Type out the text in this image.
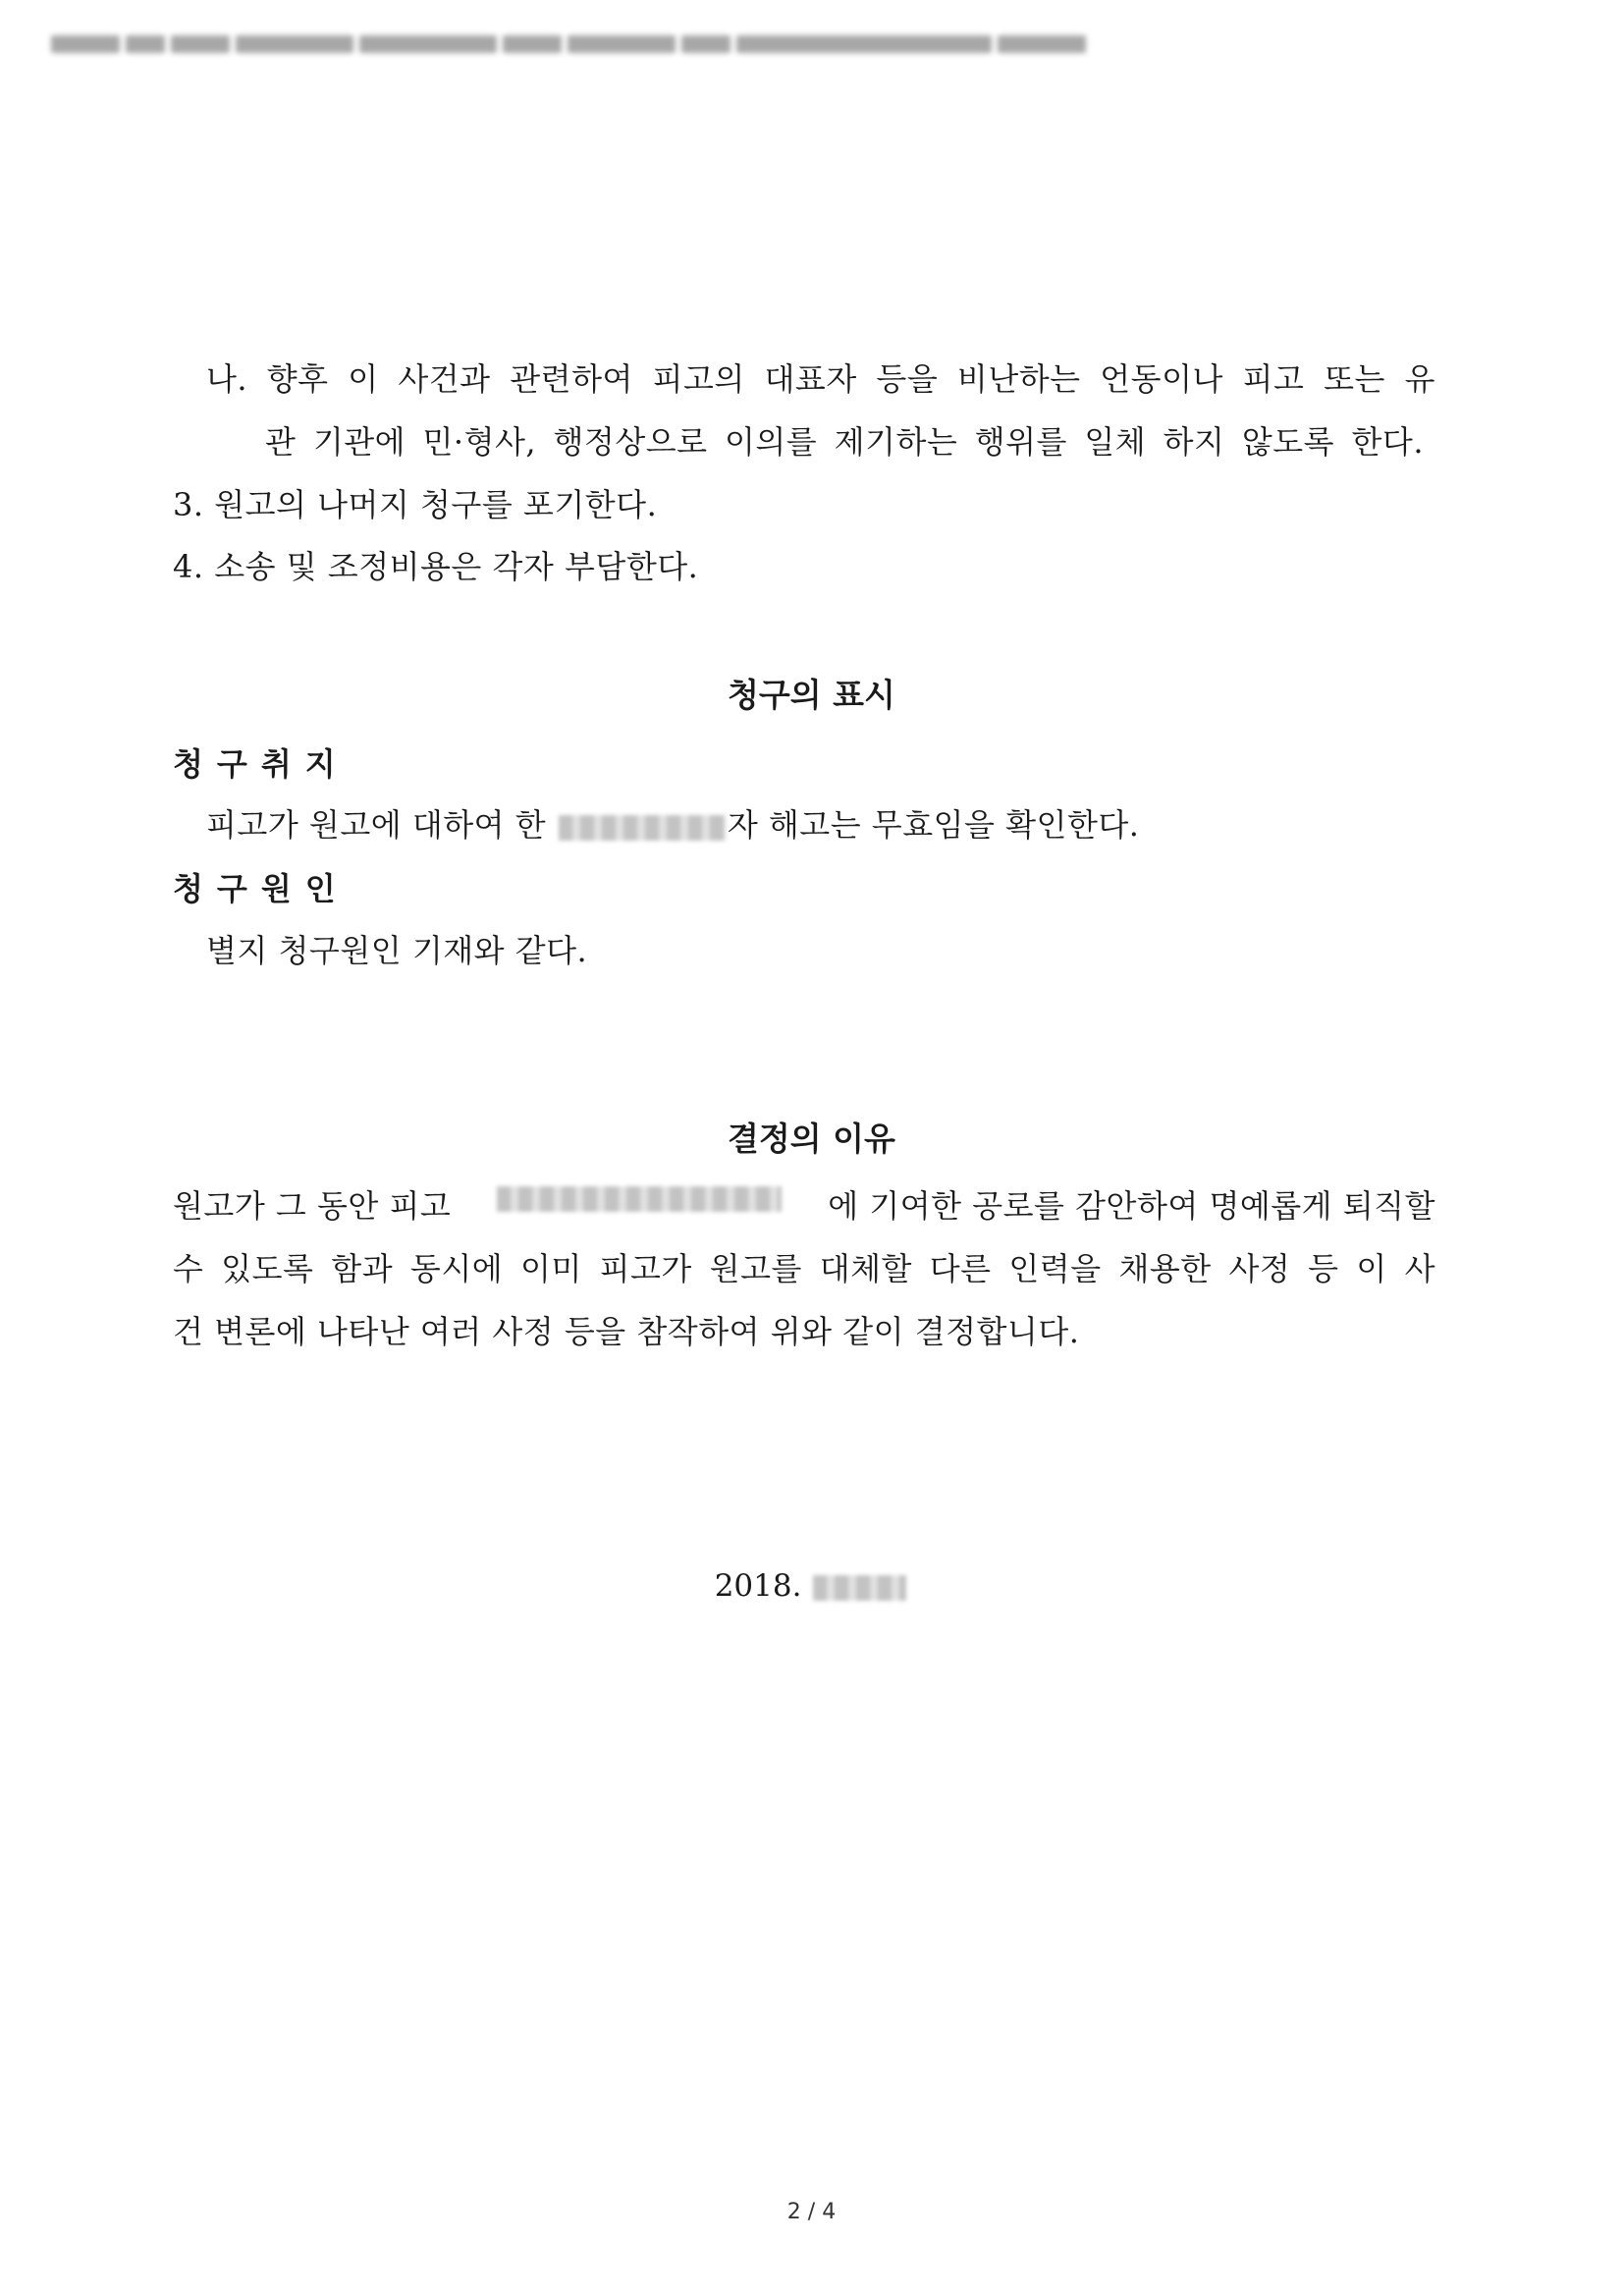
나. 향후 이 사건과 관련하여 피고의 대표자 등을 비난하는 언동이나 피고 또는 유
관 기관에 민·형사, 행정상으로 이의를 제기하는 행위를 일체 하지 않도록 한다.
3. 원고의 나머지 청구를 포기한다.
4. 소송 및 조정비용은 각자 부담한다.
청구의 표시
청구취지
피고가 원고에 대하여 한	자 해고는 무효임을 확인한다.
청구원인
별지 청구원인 기재와 같다.
결정의 이유
원고가 그 동안 피고	에 기여한 공로를 감안하여 명예롭게 퇴직할
수 있도록 함과 동시에 이미 피고가 원고를 대체할 다른 인력을 채용한 사정 등 이 사
건 변론에 나타난 여러 사정 등을 참작하여 위와 같이 결정합니다.
2018.
2 / 4
